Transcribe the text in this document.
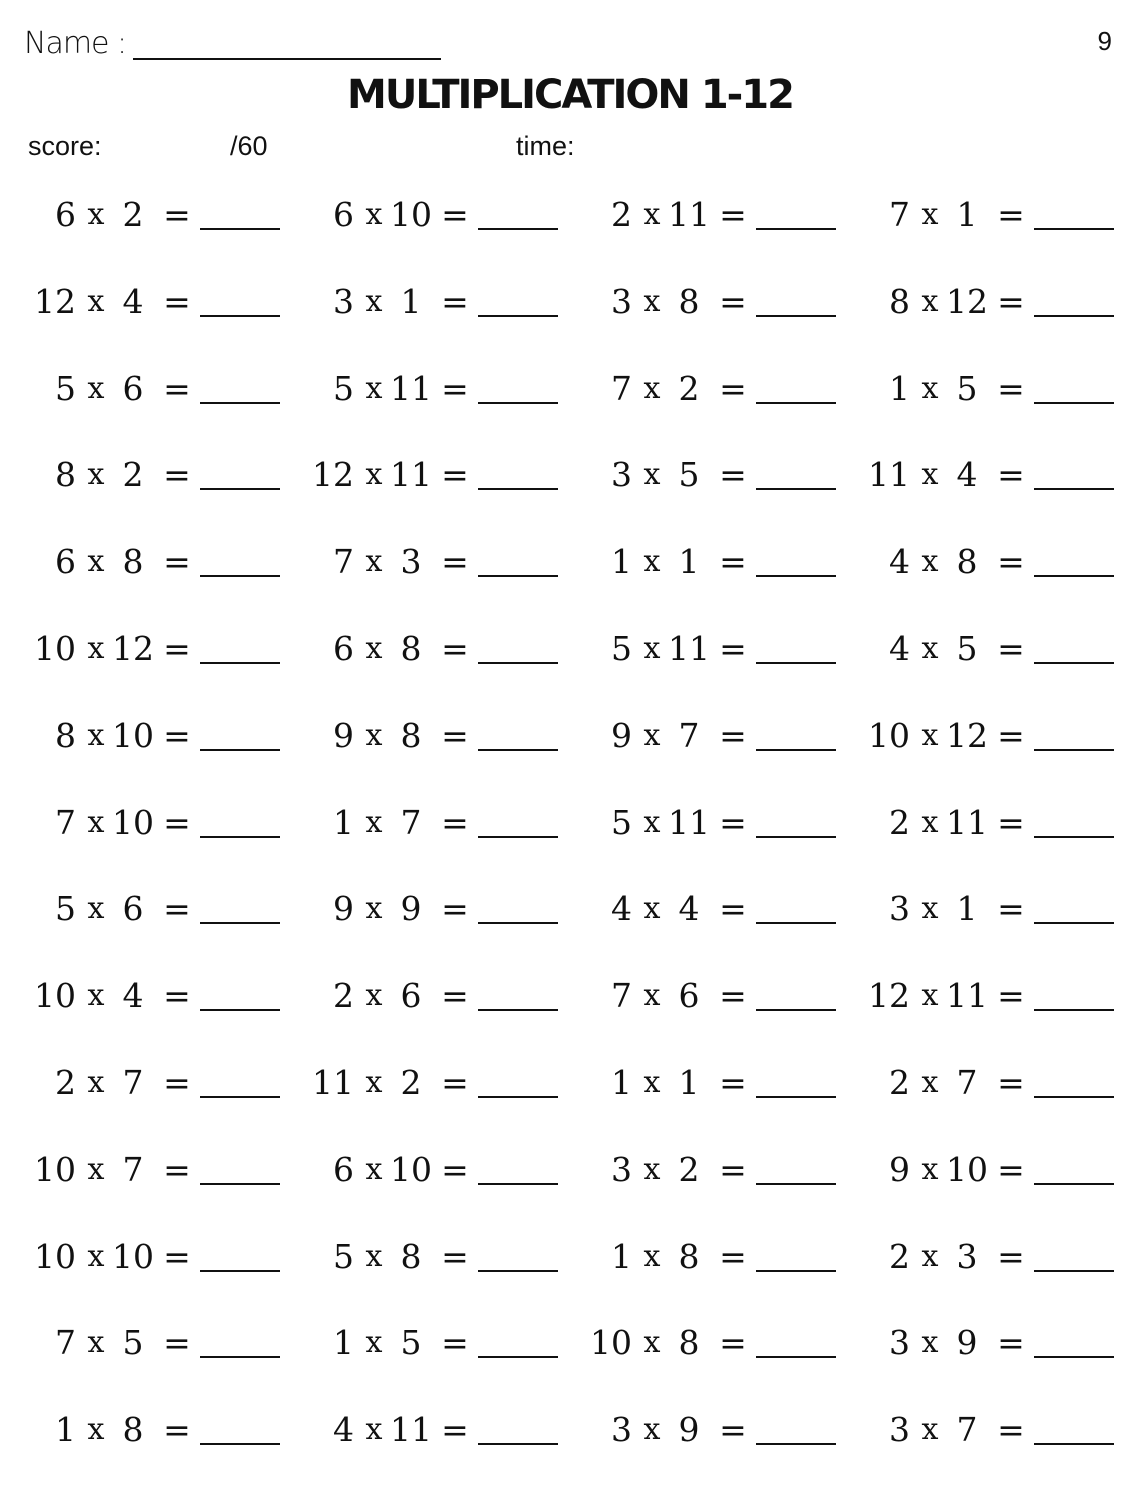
Name :	9
MULTIPLICATION 1-12
score:	/60	time:
6 x 2 =	6 x 10 =	2 x 11 =	7 x 1 =
12 x 4 =	3 x 1 =	3 x 8 =	8 x 12 =
5 x 6 =	5 x 11 =	7 x 2 =	1 x 5 =
8 x 2 =	12 x 11 =	3 x 5 =	11 x 4 =
6 x 8 =	7 x 3 =	1 x 1 =	4 x 8 =
10 x 12 =	6 x 8 =	5 x 11 =	4 x 5 =
8 x 10 =	9 x 8 =	9 x 7 =	10 x 12 =
7 x 10 =	1 x 7 =	5 x 11 =	2 x 11 =
5 x 6 =	9 x 9 =	4 x 4 =	3 x 1 =
10 x 4 =	2 x 6 =	7 x 6 =	12 x 11 =
2 x 7 =	11 x 2 =	1 x 1 =	2 x 7 =
10 x 7 =	6 x 10 =	3 x 2 =	9 x 10 =
10 x 10 =	5 x 8 =	1 x 8 =	2 x 3 =
7 x 5 =	1 x 5 =	10 x 8 =	3 x 9 =
1 x 8 =	4 x 11 =	3 x 9 =	3 x 7 =
